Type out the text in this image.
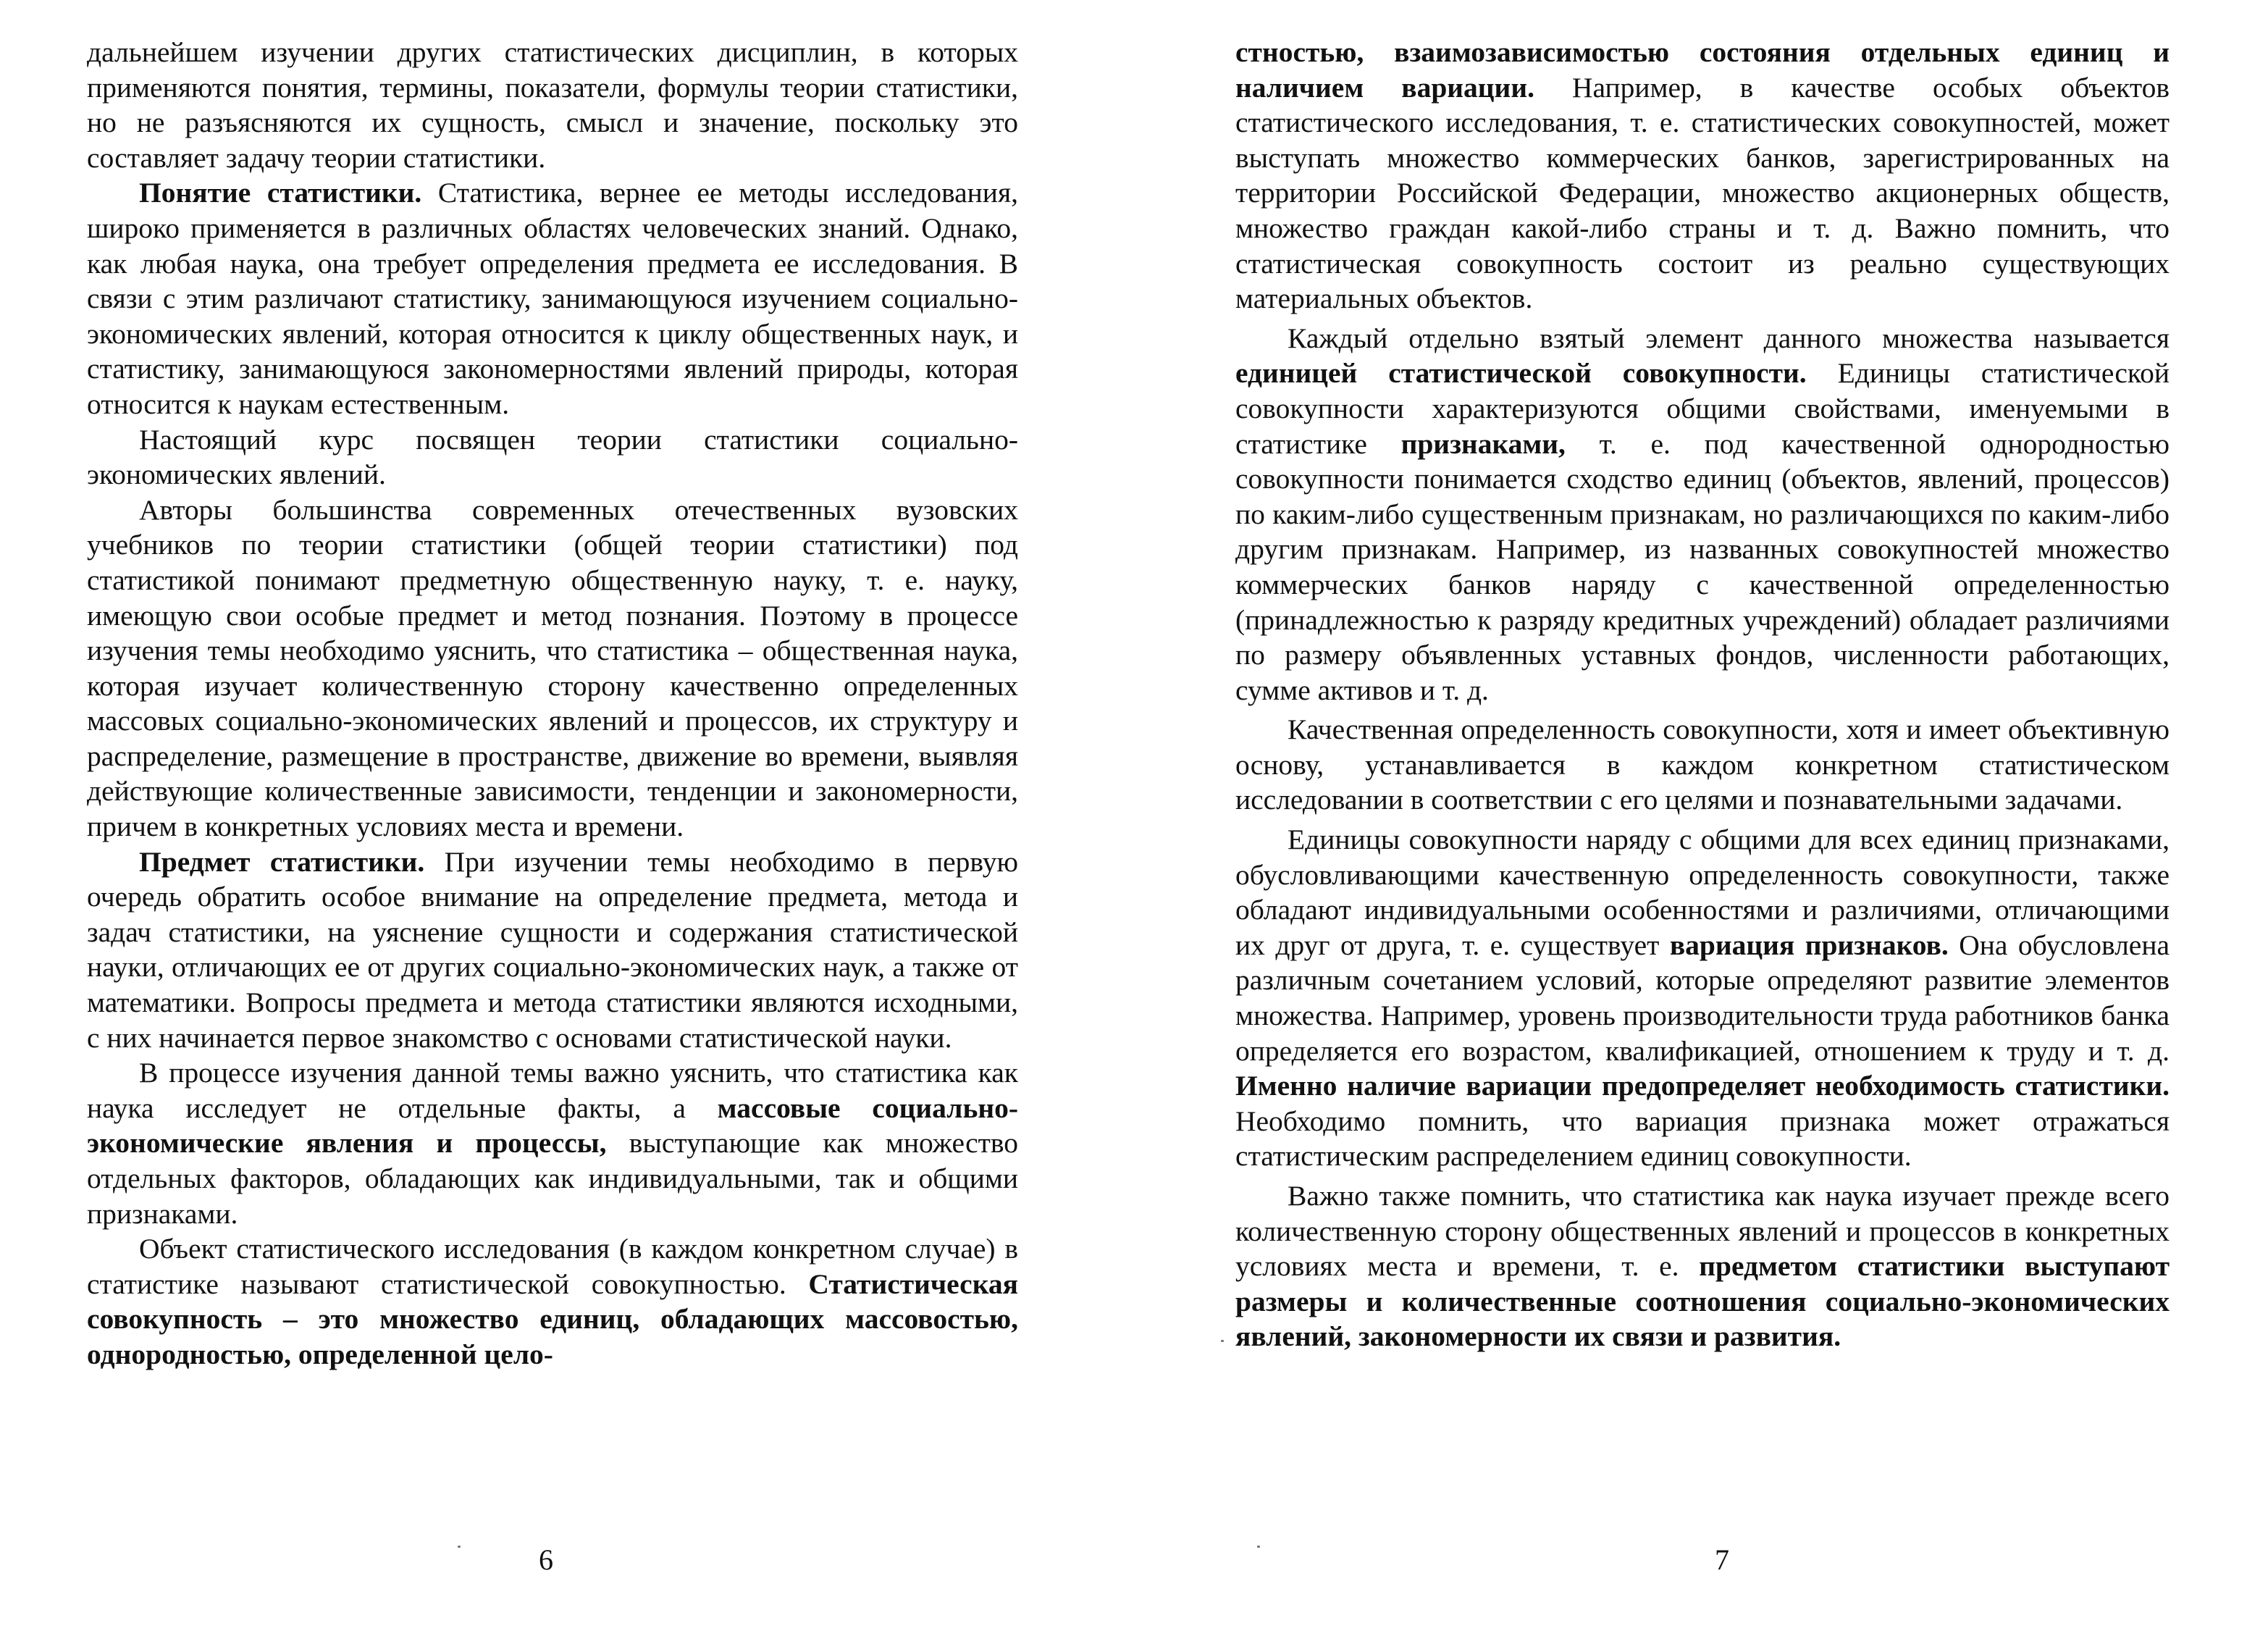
дальнейшем изучении других статистических дисциплин, в которых применяются понятия, термины, показатели, формулы теории статистики, но не разъясняются их сущность, смысл и значение, поскольку это составляет задачу теории статистики.

Понятие статистики. Статистика, вернее ее методы исследования, широко применяется в различных областях человеческих знаний. Однако, как любая наука, она требует определения предмета ее исследования. В связи с этим различают статистику, занимающуюся изучением социально-экономических явлений, которая относится к циклу общественных наук, и статистику, занимающуюся закономерностями явлений природы, которая относится к наукам естественным.

Настоящий курс посвящен теории статистики социально-экономических явлений.

Авторы большинства современных отечественных вузовских учебников по теории статистики (общей теории статистики) под статистикой понимают предметную общественную науку, т. е. науку, имеющую свои особые предмет и метод познания. Поэтому в процессе изучения темы необходимо уяснить, что статистика – общественная наука, которая изучает количественную сторону качественно определенных массовых социально-экономических явлений и процессов, их структуру и распределение, размещение в пространстве, движение во времени, выявляя действующие количественные зависимости, тенденции и закономерности, причем в конкретных условиях места и времени.

Предмет статистики. При изучении темы необходимо в первую очередь обратить особое внимание на определение предмета, метода и задач статистики, на уяснение сущности и содержания статистической науки, отличающих ее от других социально-экономических наук, а также от математики. Вопросы предмета и метода статистики являются исходными, с них начинается первое знакомство с основами статистической науки.

В процессе изучения данной темы важно уяснить, что статистика как наука исследует не отдельные факты, а массовые социально-экономические явления и процессы, выступающие как множество отдельных факторов, обладающих как индивидуальными, так и общими признаками.

Объект статистического исследования (в каждом конкретном случае) в статистике называют статистической совокупностью. Статистическая совокупность – это множество единиц, обладающих массовостью, однородностью, определенной цело-

6

стностью, взаимозависимостью состояния отдельных единиц и наличием вариации. Например, в качестве особых объектов статистического исследования, т. е. статистических совокупностей, может выступать множество коммерческих банков, зарегистрированных на территории Российской Федерации, множество акционерных обществ, множество граждан какой-либо страны и т. д. Важно помнить, что статистическая совокупность состоит из реально существующих материальных объектов.

Каждый отдельно взятый элемент данного множества называется единицей статистической совокупности. Единицы статистической совокупности характеризуются общими свойствами, именуемыми в статистике признаками, т. е. под качественной однородностью совокупности понимается сходство единиц (объектов, явлений, процессов) по каким-либо существенным признакам, но различающихся по каким-либо другим признакам. Например, из названных совокупностей множество коммерческих банков наряду с качественной определенностью (принадлежностью к разряду кредитных учреждений) обладает различиями по размеру объявленных уставных фондов, численности работающих, сумме активов и т. д.

Качественная определенность совокупности, хотя и имеет объективную основу, устанавливается в каждом конкретном статистическом исследовании в соответствии с его целями и познавательными задачами.

Единицы совокупности наряду с общими для всех единиц признаками, обусловливающими качественную определенность совокупности, также обладают индивидуальными особенностями и различиями, отличающими их друг от друга, т. е. существует вариация признаков. Она обусловлена различным сочетанием условий, которые определяют развитие элементов множества. Например, уровень производительности труда работников банка определяется его возрастом, квалификацией, отношением к труду и т. д. Именно наличие вариации предопределяет необходимость статистики. Необходимо помнить, что вариация признака может отражаться статистическим распределением единиц совокупности.

Важно также помнить, что статистика как наука изучает прежде всего количественную сторону общественных явлений и процессов в конкретных условиях места и времени, т. е. предметом статистики выступают размеры и количественные соотношения социально-экономических явлений, закономерности их связи и развития.

7
